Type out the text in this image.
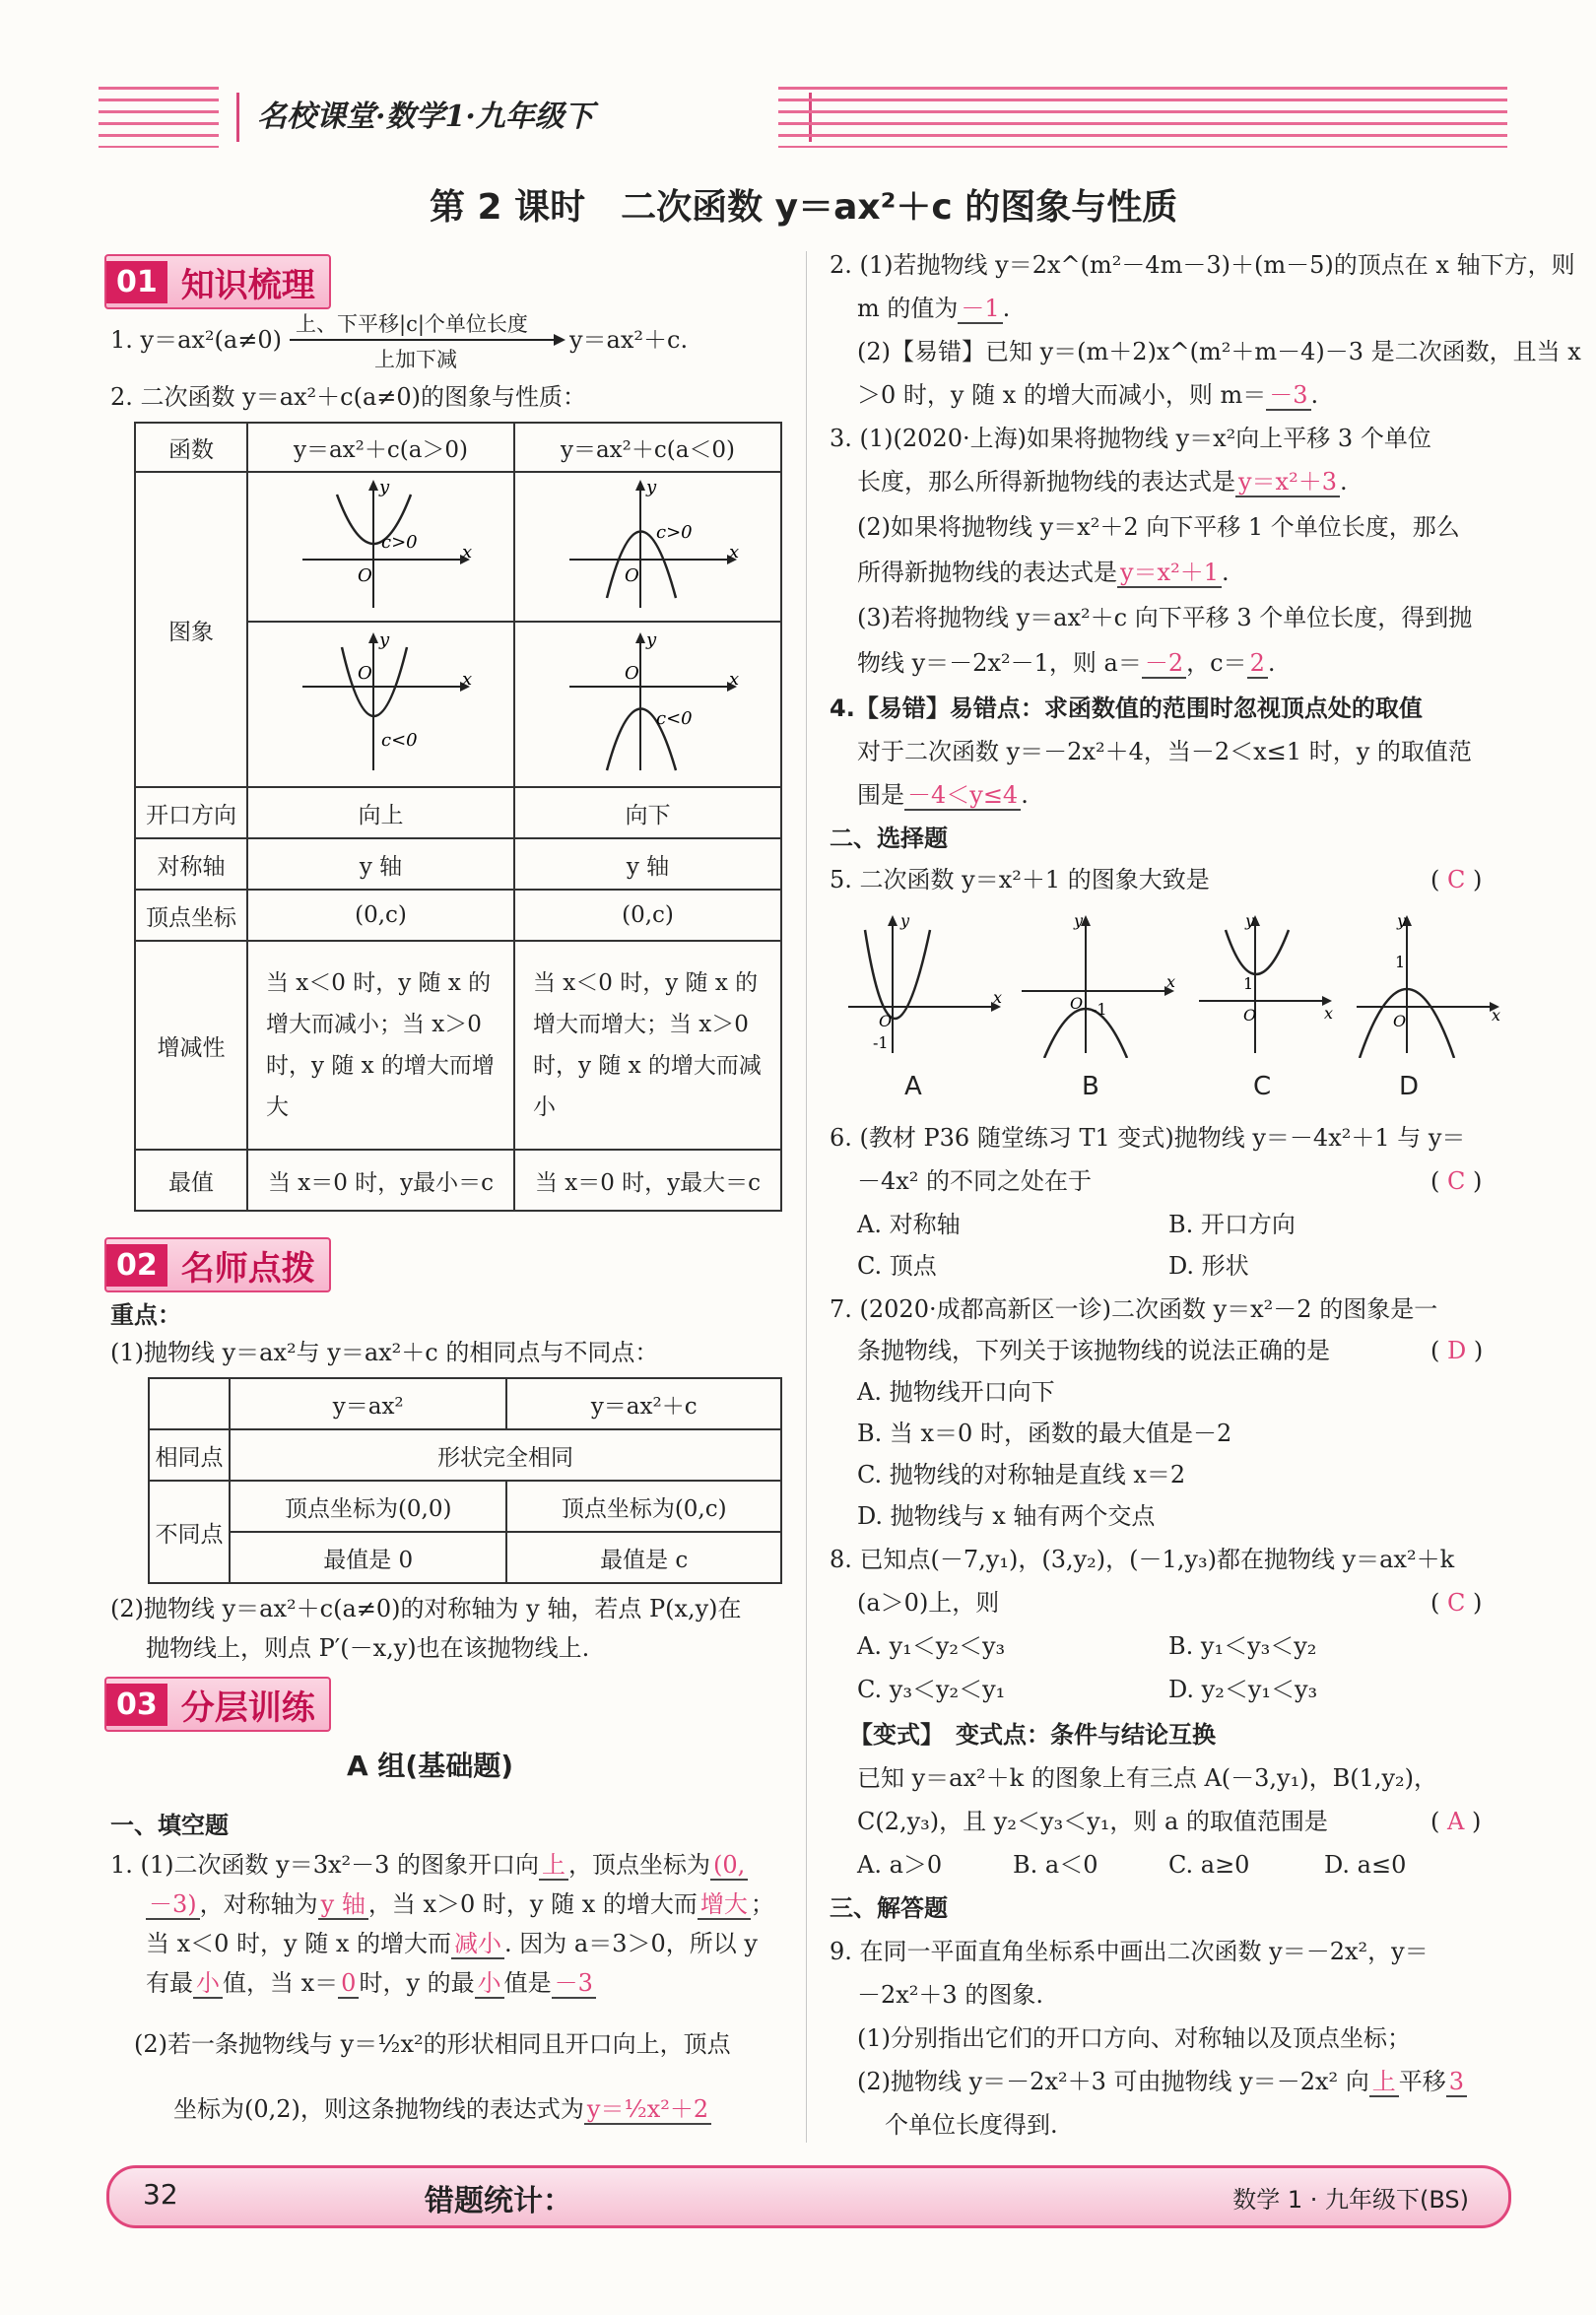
名校课堂·数学1·九年级下
第 2 课时　二次函数 y＝ax²＋c 的图象与性质
01 知识梳理
1. y＝ax²(a≠0)
上、下平移|c|个单位长度
上加下减
y＝ax²＋c.
2. 二次函数 y＝ax²＋c(a≠0)的图象与性质：
函数	y＝ax²＋c(a＞0)	y＝ax²＋c(a＜0)
图象	x
y
O
c>0	x
y
O
c>0

x
y
O
c<0	x
y
O
c<0

开口方向	向上	向下
对称轴	y 轴	y 轴
顶点坐标	(0,c)	(0,c)
增减性	当 x＜0 时，y 随 x 的增大而减小；当 x＞0 时，y 随 x 的增大而增大	当 x＜0 时，y 随 x 的增大而增大；当 x＞0 时，y 随 x 的增大而减小
最值	当 x＝0 时，y最小＝c	当 x＝0 时，y最大＝c
02 名师点拨
重点：
(1)抛物线 y＝ax²与 y＝ax²＋c 的相同点与不同点：
	y＝ax²	y＝ax²＋c
相同点	形状完全相同	
不同点	顶点坐标为(0,0)	顶点坐标为(0,c)
	最值是 0	最值是 c
(2)抛物线 y＝ax²＋c(a≠0)的对称轴为 y 轴，若点 P(x,y)在
抛物线上，则点 P′(－x,y)也在该抛物线上.
03 分层训练
A 组(基础题)
一、填空题
1. (1)二次函数 y＝3x²－3 的图象开口向 上 ，顶点坐标为 (0,
－3) ，对称轴为 y 轴 ，当 x＞0 时，y 随 x 的增大而 增大 ；
当 x＜0 时，y 随 x 的增大而 减小 . 因为 a＝3＞0，所以 y
有最 小 值，当 x＝ 0 时，y 的最 小 值是 －3
(2)若一条抛物线与 y＝½x²的形状相同且开口向上，顶点
坐标为(0,2)，则这条抛物线的表达式为 y＝½x²＋2
2. (1)若抛物线 y＝2x^(m²－4m－3)＋(m－5)的顶点在 x 轴下方，则
m 的值为 －1 .
(2)【易错】已知 y＝(m＋2)x^(m²＋m－4)－3 是二次函数，且当 x
＞0 时，y 随 x 的增大而减小，则 m＝ －3 .
3. (1)(2020·上海)如果将抛物线 y＝x²向上平移 3 个单位
长度，那么所得新抛物线的表达式是 y＝x²＋3 .
(2)如果将抛物线 y＝x²＋2 向下平移 1 个单位长度，那么
所得新抛物线的表达式是 y＝x²＋1 .
(3)若将抛物线 y＝ax²＋c 向下平移 3 个单位长度，得到抛
物线 y＝－2x²－1，则 a＝ －2 ，c＝ 2 .
4.【易错】易错点：求函数值的范围时忽视顶点处的取值
对于二次函数 y＝－2x²＋4，当－2＜x≤1 时，y 的取值范
围是 －4＜y≤4 .
二、选择题
5. 二次函数 y＝x²＋1 的图象大致是	( C )
x
y
O
-1
x
y
O -1	x
y
O
1
x
y
O
1
A	B	C	D
6. (教材 P36 随堂练习 T1 变式)抛物线 y＝－4x²＋1 与 y＝
－4x² 的不同之处在于	( C )
A. 对称轴	B. 开口方向
C. 顶点	D. 形状
7. (2020·成都高新区一诊)二次函数 y＝x²－2 的图象是一
条抛物线，下列关于该抛物线的说法正确的是	( D )
A. 抛物线开口向下
B. 当 x＝0 时，函数的最大值是－2
C. 抛物线的对称轴是直线 x＝2
D. 抛物线与 x 轴有两个交点
8. 已知点(－7,y₁)，(3,y₂)，(－1,y₃)都在抛物线 y＝ax²＋k
(a＞0)上，则	( C )
A. y₁＜y₂＜y₃	B. y₁＜y₃＜y₂
C. y₃＜y₂＜y₁	D. y₂＜y₁＜y₃
【变式】　变式点：条件与结论互换
已知 y＝ax²＋k 的图象上有三点 A(－3,y₁)，B(1,y₂)，
C(2,y₃)，且 y₂＜y₃＜y₁，则 a 的取值范围是	( A )
A. a＞0	B. a＜0	C. a≥0	D. a≤0
三、解答题
9. 在同一平面直角坐标系中画出二次函数 y＝－2x²，y＝
－2x²＋3 的图象.
(1)分别指出它们的开口方向、对称轴以及顶点坐标；
(2)抛物线 y＝－2x²＋3 可由抛物线 y＝－2x² 向 上 平移 3
个单位长度得到.
32	错题统计：	数学 1 · 九年级下(BS)
